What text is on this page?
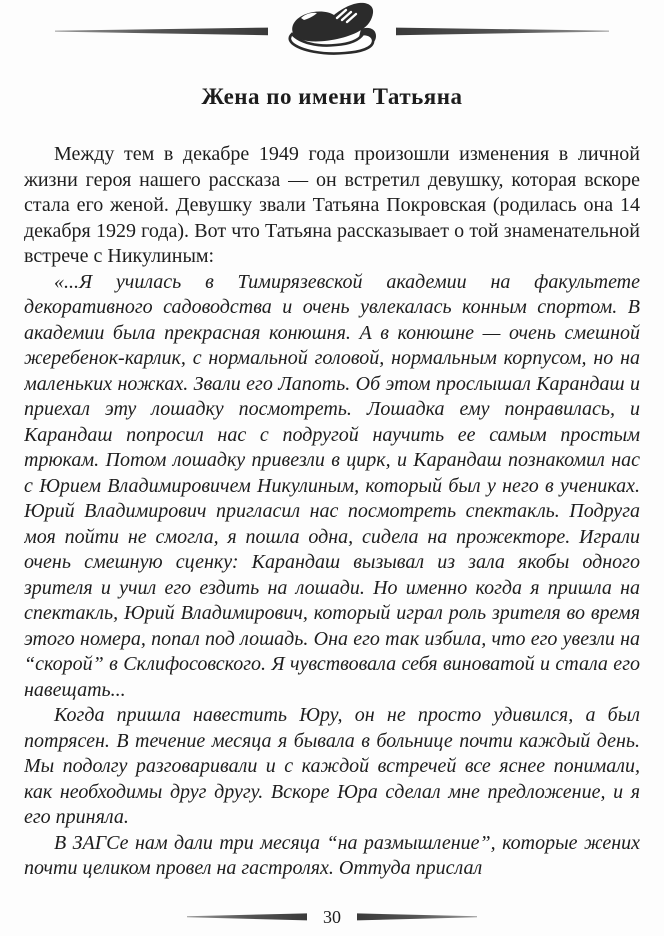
Жена по имени Татьяна

Между тем в декабре 1949 года произошли изменения в личной жизни героя нашего рассказа — он встретил девушку, которая вскоре стала его женой. Девушку звали Татьяна Покровская (родилась она 14 декабря 1929 года). Вот что Татьяна рассказывает о той знаменательной встрече с Никулиным:

«...Я училась в Тимирязевской академии на факультете декоративного садоводства и очень увлекалась конным спортом. В академии была прекрасная конюшня. А в конюшне — очень смешной жеребенок-карлик, с нормальной головой, нормальным корпусом, но на маленьких ножках. Звали его Лапоть. Об этом прослышал Карандаш и приехал эту лошадку посмотреть. Лошадка ему понравилась, и Карандаш попросил нас с подругой научить ее самым простым трюкам. Потом лошадку привезли в цирк, и Карандаш познакомил нас с Юрием Владимировичем Никулиным, который был у него в учениках. Юрий Владимирович пригласил нас посмотреть спектакль. Подруга моя пойти не смогла, я пошла одна, сидела на прожекторе. Играли очень смешную сценку: Карандаш вызывал из зала якобы одного зрителя и учил его ездить на лошади. Но именно когда я пришла на спектакль, Юрий Владимирович, который играл роль зрителя во время этого номера, попал под лошадь. Она его так избила, что его увезли на “скорой” в Склифосовского. Я чувствовала себя виноватой и стала его навещать...

Когда пришла навестить Юру, он не просто удивился, а был потрясен. В течение месяца я бывала в больнице почти каждый день. Мы подолгу разговаривали и с каждой встречей все яснее понимали, как необходимы друг другу. Вскоре Юра сделал мне предложение, и я его приняла.

В ЗАГСе нам дали три месяца “на размышление”, которые жених почти целиком провел на гастролях. Оттуда прислал

30
